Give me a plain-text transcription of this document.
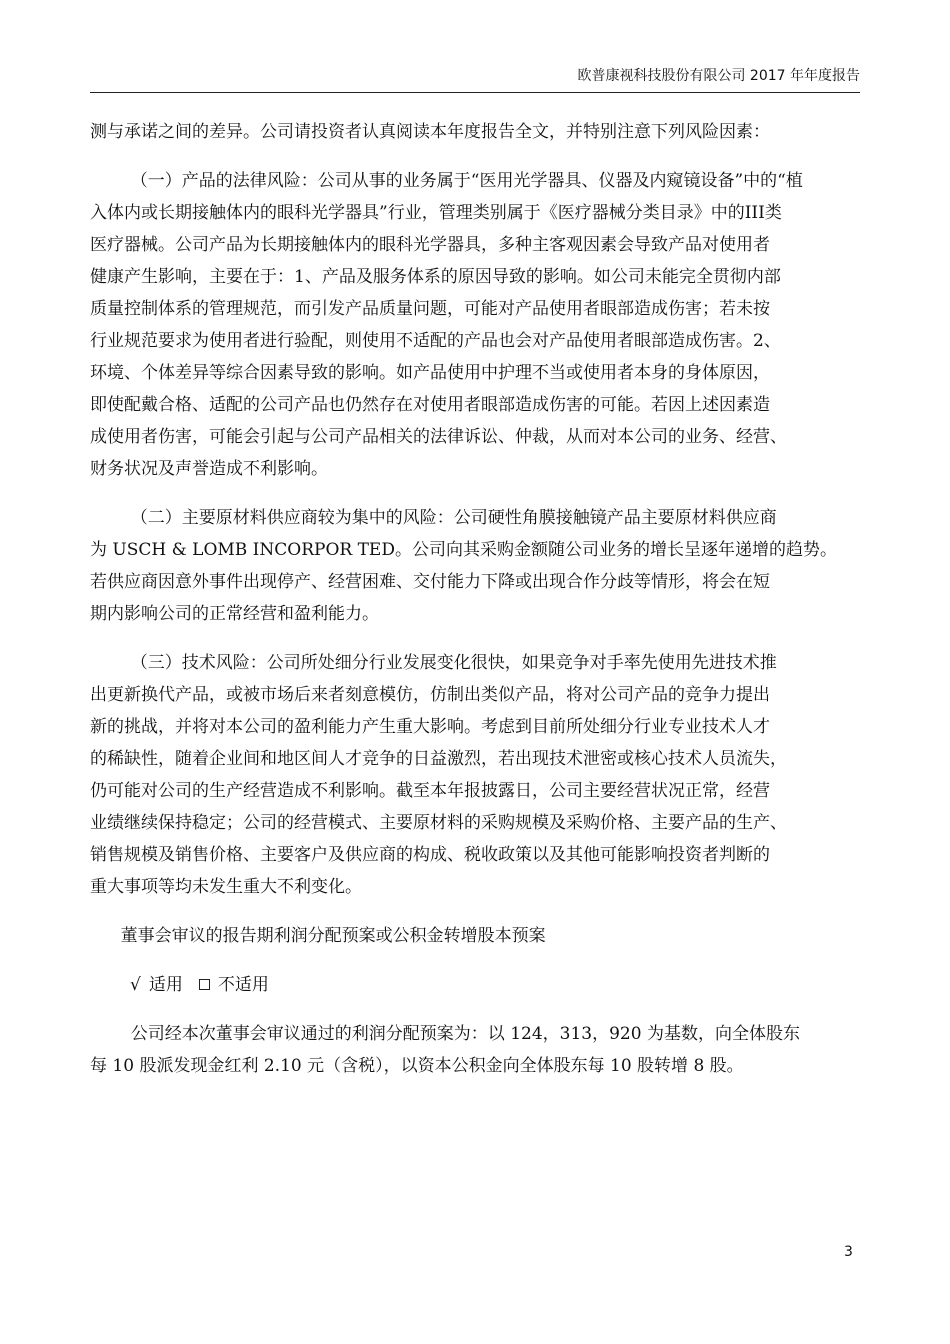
欧普康视科技股份有限公司 2017 年年度报告

测与承诺之间的差异。公司请投资者认真阅读本年度报告全文，并特别注意下列风险因素：

（一）产品的法律风险：公司从事的业务属于“医用光学器具、仪器及内窥镜设备”中的“植
入体内或长期接触体内的眼科光学器具”行业，管理类别属于《医疗器械分类目录》中的III类
医疗器械。公司产品为长期接触体内的眼科光学器具，多种主客观因素会导致产品对使用者
健康产生影响，主要在于：1、产品及服务体系的原因导致的影响。如公司未能完全贯彻内部
质量控制体系的管理规范，而引发产品质量问题，可能对产品使用者眼部造成伤害；若未按
行业规范要求为使用者进行验配，则使用不适配的产品也会对产品使用者眼部造成伤害。2、
环境、个体差异等综合因素导致的影响。如产品使用中护理不当或使用者本身的身体原因，
即使配戴合格、适配的公司产品也仍然存在对使用者眼部造成伤害的可能。若因上述因素造
成使用者伤害，可能会引起与公司产品相关的法律诉讼、仲裁，从而对本公司的业务、经营、
财务状况及声誉造成不利影响。

（二）主要原材料供应商较为集中的风险：公司硬性角膜接触镜产品主要原材料供应商
为 USCH & LOMB INCORPOR TED。公司向其采购金额随公司业务的增长呈逐年递增的趋势。
若供应商因意外事件出现停产、经营困难、交付能力下降或出现合作分歧等情形，将会在短
期内影响公司的正常经营和盈利能力。

（三）技术风险：公司所处细分行业发展变化很快，如果竞争对手率先使用先进技术推
出更新换代产品，或被市场后来者刻意模仿，仿制出类似产品，将对公司产品的竞争力提出
新的挑战，并将对本公司的盈利能力产生重大影响。考虑到目前所处细分行业专业技术人才
的稀缺性，随着企业间和地区间人才竞争的日益激烈，若出现技术泄密或核心技术人员流失，
仍可能对公司的生产经营造成不利影响。截至本年报披露日，公司主要经营状况正常，经营
业绩继续保持稳定；公司的经营模式、主要原材料的采购规模及采购价格、主要产品的生产、
销售规模及销售价格、主要客户及供应商的构成、税收政策以及其他可能影响投资者判断的
重大事项等均未发生重大不利变化。

董事会审议的报告期利润分配预案或公积金转增股本预案

√ 适用 不适用

公司经本次董事会审议通过的利润分配预案为：以 124，313，920 为基数，向全体股东
每 10 股派发现金红利 2.10 元（含税），以资本公积金向全体股东每 10 股转增 8 股。

3
